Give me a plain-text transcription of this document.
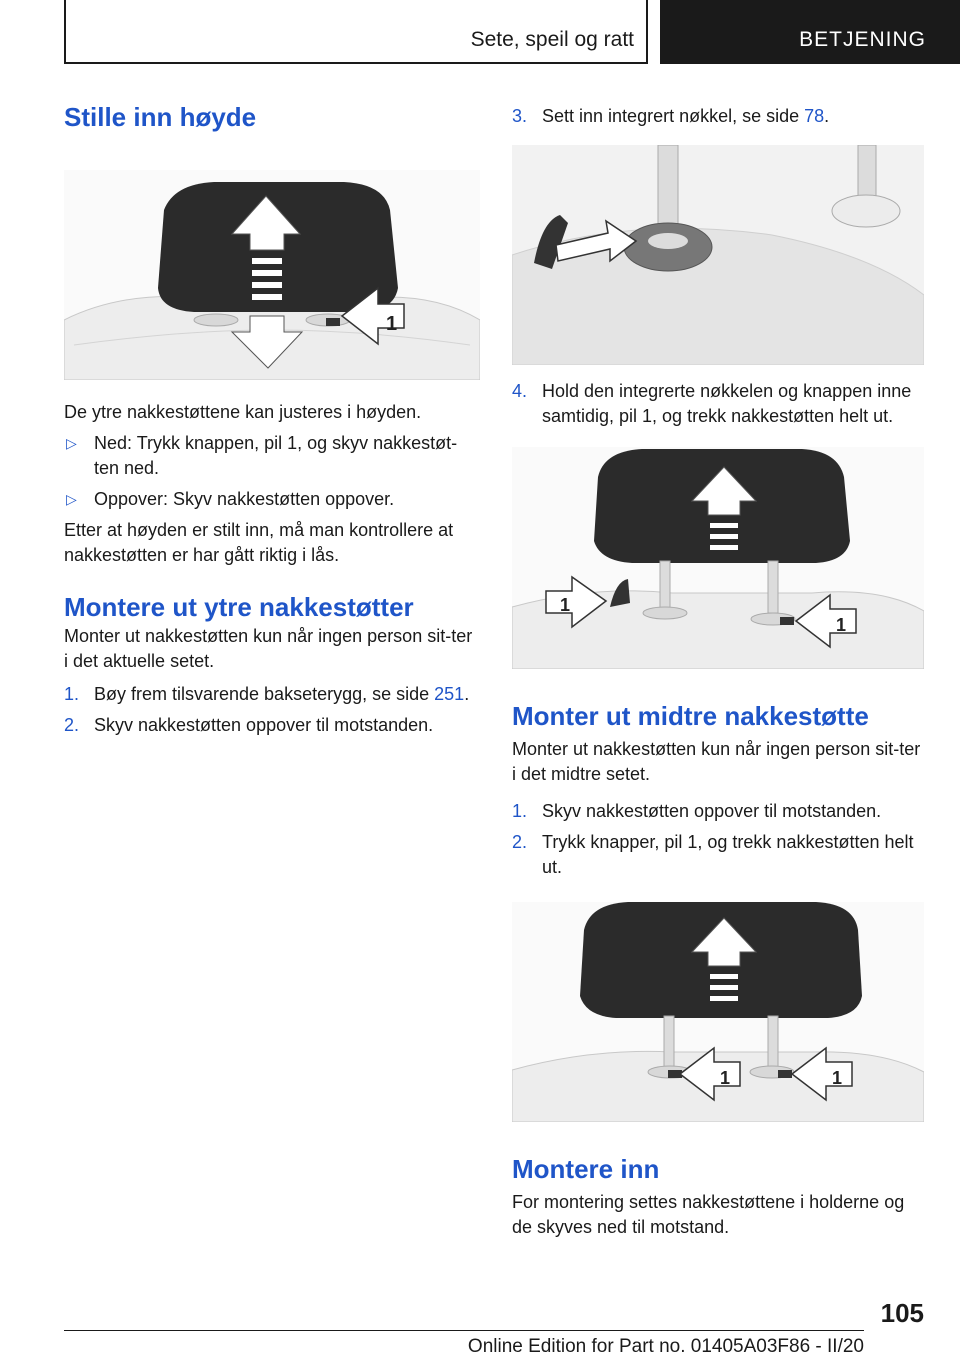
Sete, speil og ratt	BETJENING
Stille inn høyde
1

De ytre nakkestøttene kan justeres i høyden.

▷ Ned: Trykk knappen, pil 1, og skyv nakkestøt-ten ned.
▷ Oppover: Skyv nakkestøtten oppover.

Etter at høyden er stilt inn, må man kontrollere at nakkestøtten er har gått riktig i lås.

Montere ut ytre nakkestøtter

Monter ut nakkestøtten kun når ingen person sit-ter i det aktuelle setet.

1. Bøy frem tilsvarende bakseterygg, se side 251.
2. Skyv nakkestøtten oppover til motstanden.
3. Sett inn integrert nøkkel, se side 78.
4. Hold den integrerte nøkkelen og knappen inne samtidig, pil 1, og trekk nakkestøtten helt ut.
1
1
Monter ut midtre nakkestøtte

Monter ut nakkestøtten kun når ingen person sit-ter i det midtre setet.

1. Skyv nakkestøtten oppover til motstanden.
2. Trykk knapper, pil 1, og trekk nakkestøtten helt ut.
1	1
Montere inn

For montering settes nakkestøttene i holderne og de skyves ned til motstand.

105
Online Edition for Part no. 01405A03F86 - II/20
